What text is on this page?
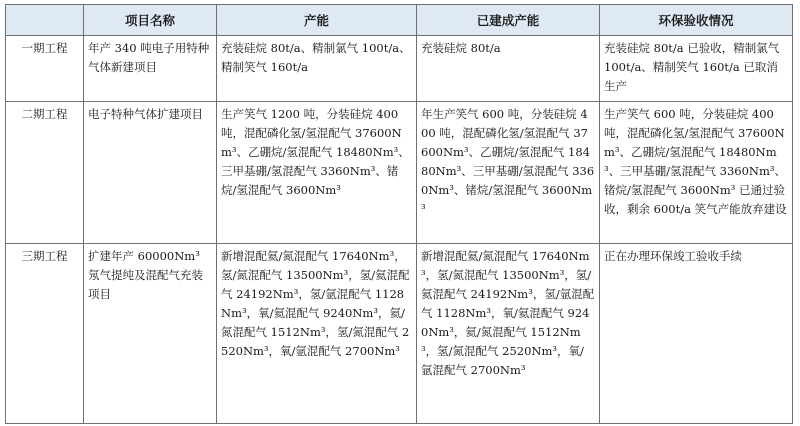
	项目名称	产能	已建成产能	环保验收情况
一期工程	年产 340 吨电子用特种气体新建项目	充装硅烷 80t/a、精制氯气 100t/a、精制笑气 160t/a	充装硅烷 80t/a	充装硅烷 80t/a 已验收，精制氯气 100t/a、精制笑气 160t/a 已取消生产
二期工程	电子特种气体扩建项目	生产笑气 1200 吨，分装硅烷 400 吨，混配磷化氢/氢混配气 37600Nm³、乙硼烷/氢混配气 18480Nm³、三甲基硼/氢混配气 3360Nm³、锗烷/氢混配气 3600Nm³	年生产笑气 600 吨，分装硅烷 400 吨，混配磷化氢/氢混配气 37600Nm³、乙硼烷/氢混配气 18480Nm³、三甲基硼/氢混配气 3360Nm³、锗烷/氢混配气 3600Nm³	生产笑气 600 吨，分装硅烷 400 吨，混配磷化氢/氢混配气 37600Nm³、乙硼烷/氢混配气 18480Nm³、三甲基硼/氢混配气 3360Nm³、锗烷/氢混配气 3600Nm³ 已通过验收，剩余 600t/a 笑气产能放弃建设
三期工程	扩建年产 60000Nm³ 氖气提纯及混配气充装项目	新增混配氦/氮混配气 17640Nm³，氢/氮混配气 13500Nm³，氢/氦混配气 24192Nm³，氢/氩混配气 1128Nm³，氧/氦混配气 9240Nm³，氦/氮混配气 1512Nm³，氢/氮混配气 2520Nm³，氧/氩混配气 2700Nm³	新增混配氦/氮混配气 17640Nm³，氢/氮混配气 13500Nm³，氢/氦混配气 24192Nm³，氢/氩混配气 1128Nm³，氧/氦混配气 9240Nm³，氦/氮混配气 1512Nm³，氢/氮混配气 2520Nm³，氧/氩混配气 2700Nm³	正在办理环保竣工验收手续
